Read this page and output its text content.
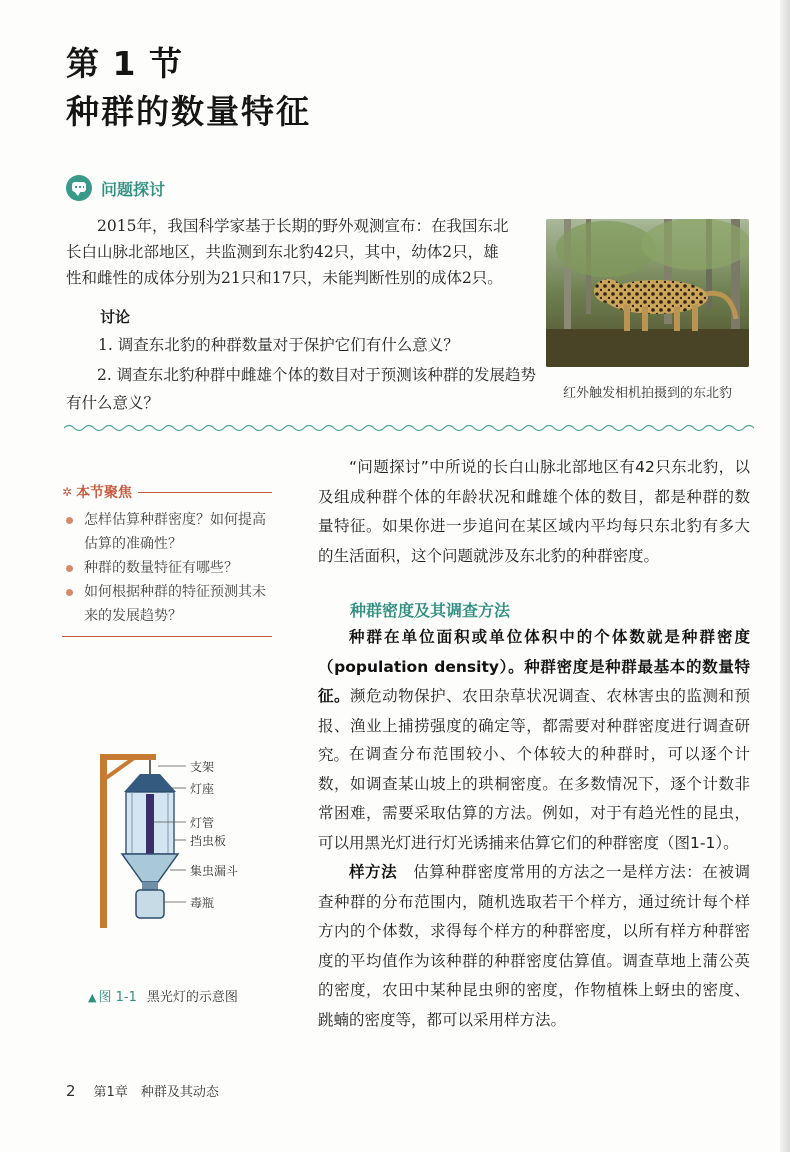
第 1 节
种群的数量特征
问题探讨

2015年，我国科学家基于长期的野外观测宣布：在我国东北

长白山脉北部地区，共监测到东北豹42只，其中，幼体2只，雄

性和雌性的成体分别为21只和17只，未能判断性别的成体2只。

讨论
1. 调查东北豹的种群数量对于保护它们有什么意义？
2. 调查东北豹种群中雌雄个体的数目对于预测该种群的发展趋势有什么意义？
红外触发相机拍摄到的东北豹
✲ 本节聚焦
怎样估算种群密度？如何提高估算的准确性？
种群的数量特征有哪些？
如何根据种群的特征预测其未来的发展趋势？

“问题探讨”中所说的长白山脉北部地区有42只东北豹，以及组成种群个体的年龄状况和雌雄个体的数目，都是种群的数量特征。如果你进一步追问在某区域内平均每只东北豹有多大的生活面积，这个问题就涉及东北豹的种群密度。

种群密度及其调查方法

种群在单位面积或单位体积中的个体数就是种群密度（population density）。种群密度是种群最基本的数量特征。濒危动物保护、农田杂草状况调查、农林害虫的监测和预报、渔业上捕捞强度的确定等，都需要对种群密度进行调查研究。 在调查分布范围较小、个体较大的种群时，可以逐个计数，如调查某山坡上的珙桐密度。在多数情况下，逐个计数非常困难，需要采取估算的方法。例如，对于有趋光性的昆虫，可以用黑光灯进行灯光诱捕来估算它们的种群密度（图1-1）。

样方法　 估算种群密度常用的方法之一是样方法：在被调查种群的分布范围内，随机选取若干个样方，通过统计每个样方内的个体数，求得每个样方的种群密度，以所有样方种群密度的平均值作为该种群的种群密度估算值。调查草地上蒲公英的密度，农田中某种昆虫卵的密度，作物植株上蚜虫的密度、跳蝻的密度等，都可以采用样方法。

支架
灯座
灯管
挡虫板
集虫漏斗
毒瓶
▲ 图 1-1 黑光灯的示意图
2 第1章　种群及其动态
